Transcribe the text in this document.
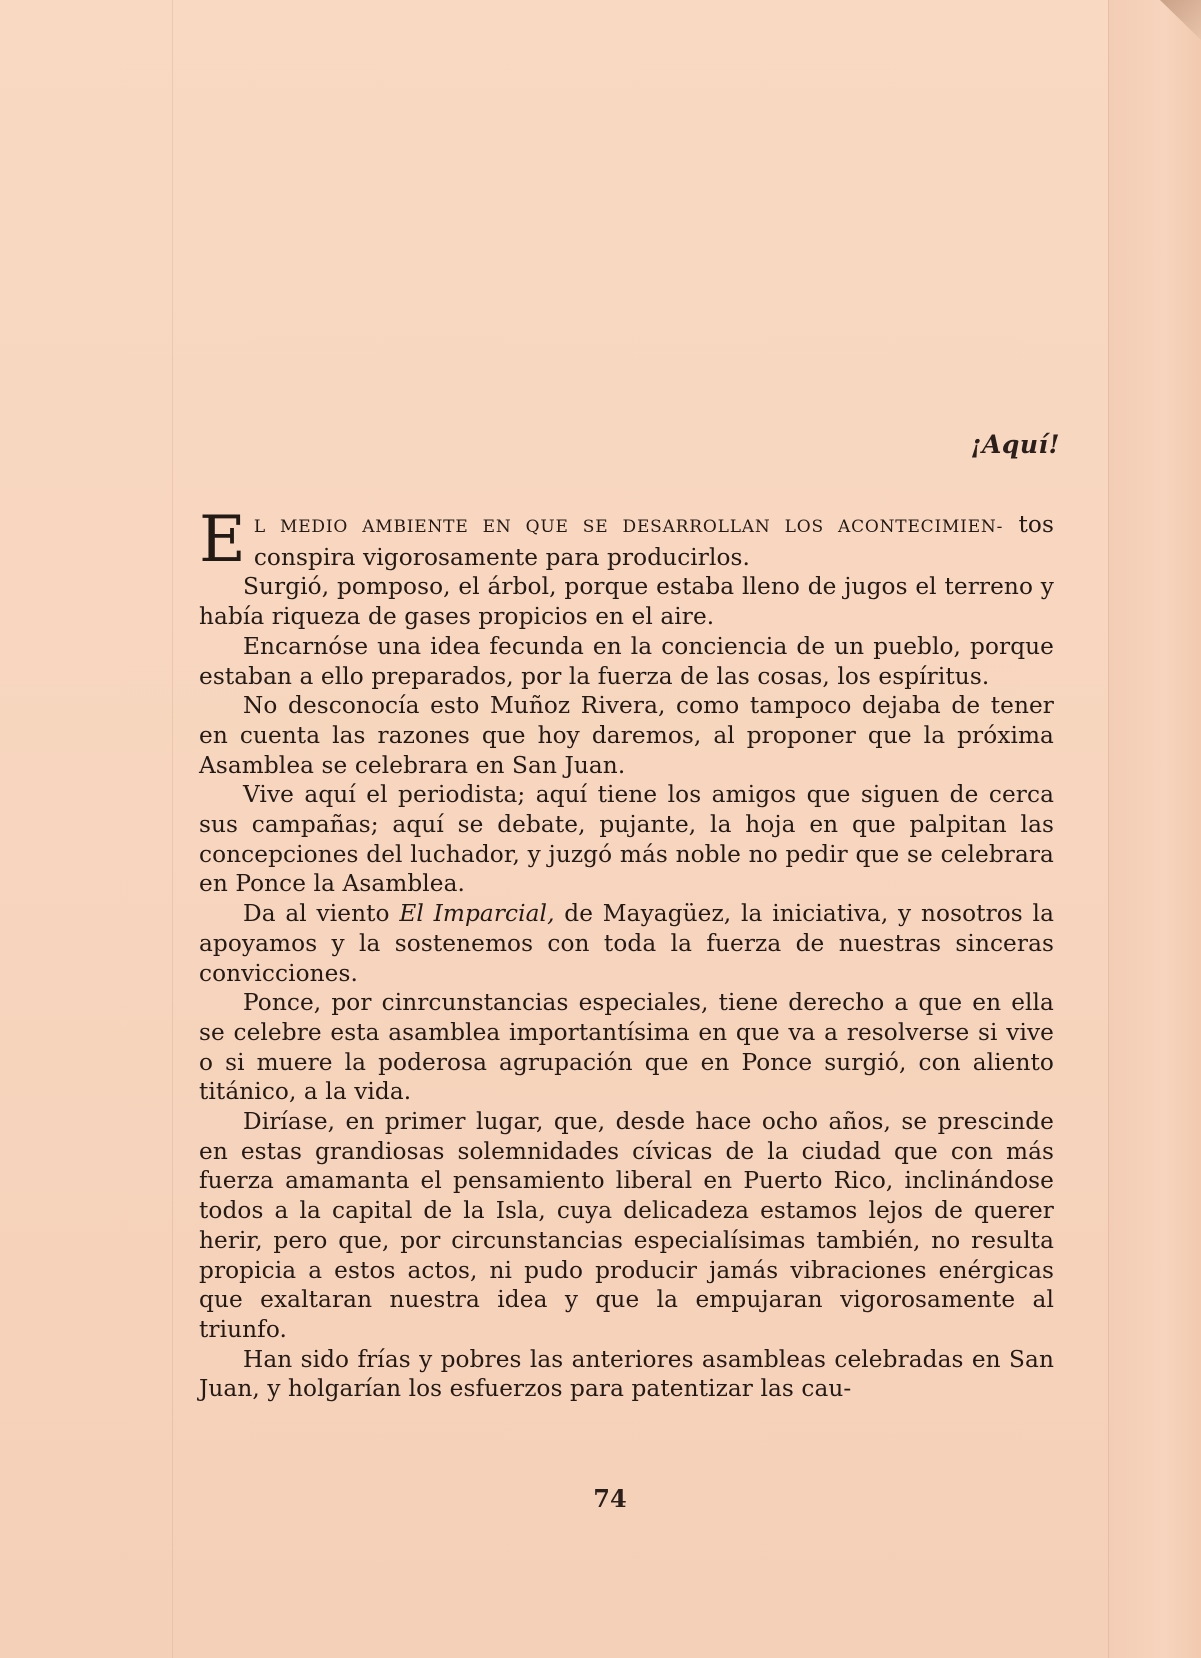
¡Aquí!

E L MEDIO AMBIENTE EN QUE SE DESARROLLAN LOS ACONTECIMIEN- tos conspira vigorosamente para producirlos.

Surgió, pomposo, el árbol, porque estaba lleno de jugos el terreno y había riqueza de gases propicios en el aire.

Encarnóse una idea fecunda en la conciencia de un pueblo, porque estaban a ello preparados, por la fuerza de las cosas, los espíritus.

No desconocía esto Muñoz Rivera, como tampoco dejaba de tener en cuenta las razones que hoy daremos, al proponer que la próxima Asamblea se celebrara en San Juan.

Vive aquí el periodista; aquí tiene los amigos que siguen de cerca sus campañas; aquí se debate, pujante, la hoja en que palpitan las concepciones del luchador, y juzgó más noble no pedir que se celebrara en Ponce la Asamblea.

Da al viento El Imparcial, de Mayagüez, la iniciativa, y nosotros la apoyamos y la sostenemos con toda la fuerza de nuestras sinceras convicciones.

Ponce, por cinrcunstancias especiales, tiene derecho a que en ella se celebre esta asamblea importantísima en que va a resolverse si vive o si muere la poderosa agrupación que en Ponce surgió, con aliento titánico, a la vida.

Diríase, en primer lugar, que, desde hace ocho años, se prescinde en estas grandiosas solemnidades cívicas de la ciudad que con más fuerza amamanta el pensamiento liberal en Puerto Rico, inclinándose todos a la capital de la Isla, cuya delicadeza estamos lejos de querer herir, pero que, por circunstancias especialísimas también, no resulta propicia a estos actos, ni pudo producir jamás vibraciones enérgicas que exaltaran nuestra idea y que la empujaran vigorosamente al triunfo.

Han sido frías y pobres las anteriores asambleas celebradas en San Juan, y holgarían los esfuerzos para patentizar las cau-

74
